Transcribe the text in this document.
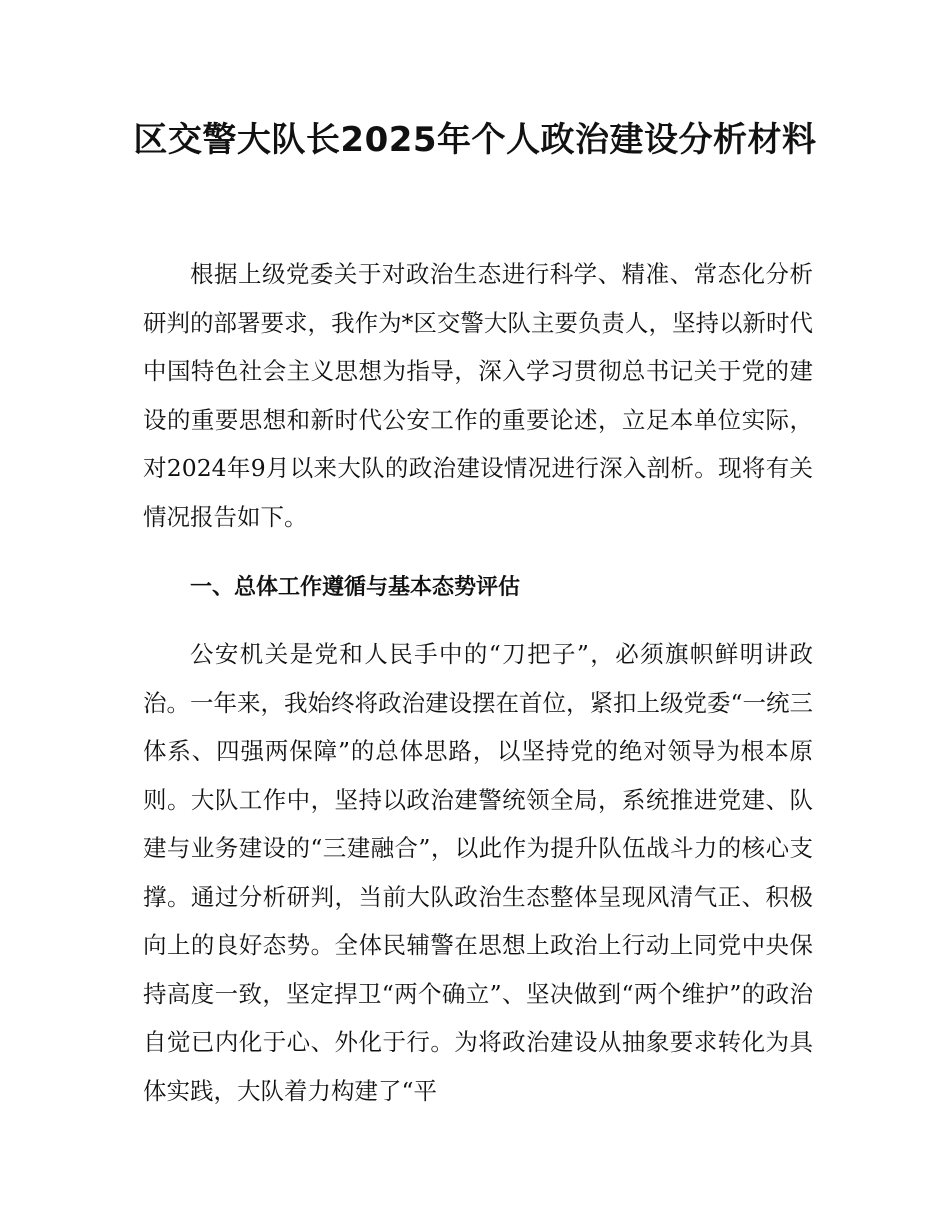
区交警大队长2025年个人政治建设分析材料

根据上级党委关于对政治生态进行科学、精准、常态化分析研判的部署要求，我作为*区交警大队主要负责人，坚持以新时代中国特色社会主义思想为指导，深入学习贯彻总书记关于党的建设的重要思想和新时代公安工作的重要论述，立足本单位实际，对2024年9月以来大队的政治建设情况进行深入剖析。现将有关情况报告如下。

一、总体工作遵循与基本态势评估

公安机关是党和人民手中的“刀把子”，必须旗帜鲜明讲政治。一年来，我始终将政治建设摆在首位，紧扣上级党委“一统三体系、四强两保障”的总体思路，以坚持党的绝对领导为根本原则。大队工作中，坚持以政治建警统领全局，系统推进党建、队建与业务建设的“三建融合”，以此作为提升队伍战斗力的核心支撑。通过分析研判，当前大队政治生态整体呈现风清气正、积极向上的良好态势。全体民辅警在思想上政治上行动上同党中央保持高度一致，坚定捍卫“两个确立”、坚决做到“两个维护”的政治自觉已内化于心、外化于行。为将政治建设从抽象要求转化为具体实践，大队着力构建了“平
